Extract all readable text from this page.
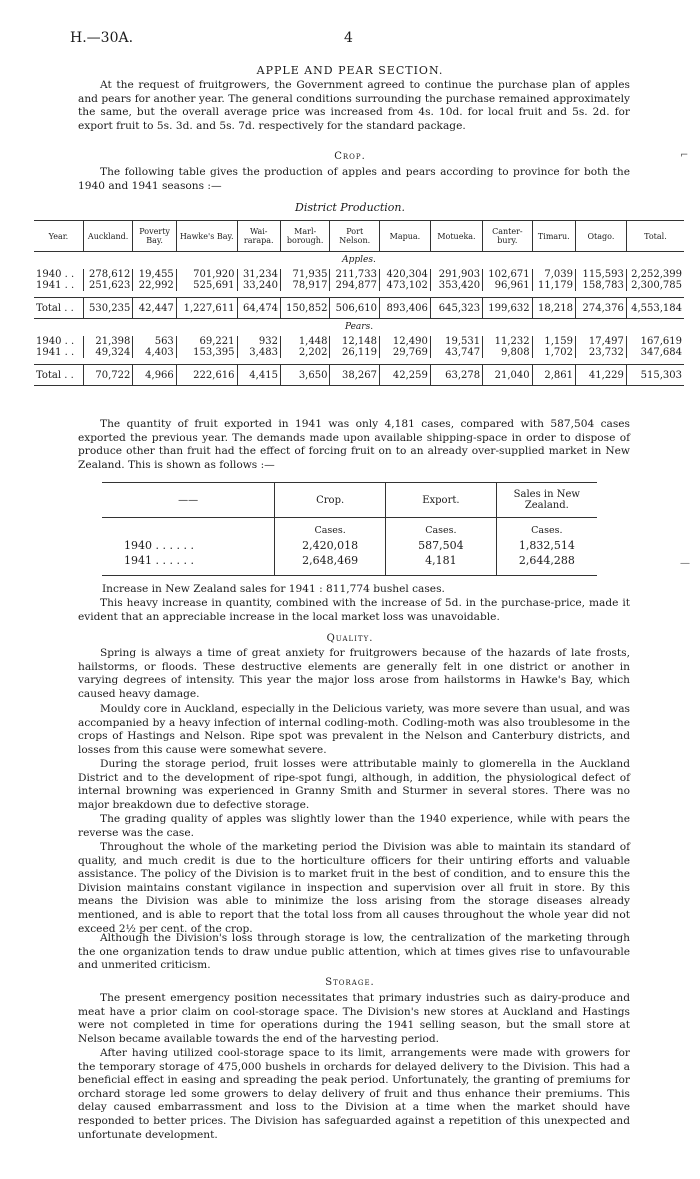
H.—30A.	4
APPLE AND PEAR SECTION.

At the request of fruitgrowers, the Government agreed to continue the purchase plan of apples and pears for another year. The general conditions surrounding the purchase remained approximately the same, but the overall average price was increased from 4s. 10d. for local fruit and 5s. 2d. for export fruit to 5s. 3d. and 5s. 7d. respectively for the standard package.

Crop.

The following table gives the production of apples and pears according to province for both the 1940 and 1941 seasons :—

District Production.
Year.	Auckland.	Poverty Bay.	Hawke's Bay.	Wai-rarapa.	Marl-borough.	Port Nelson.	Mapua.	Motueka.	Canter-bury.	Timaru.	Otago.	Total.
Apples.												
1940 . .	278,612	19,455	701,920	31,234	71,935	211,733	420,304	291,903	102,671	7,039	115,593	2,252,399
1941 . .	251,623	22,992	525,691	33,240	78,917	294,877	473,102	353,420	96,961	11,179	158,783	2,300,785

Total . .	530,235	42,447	1,227,611	64,474	150,852	506,610	893,406	645,323	199,632	18,218	274,376	4,553,184
Pears.												
1940 . .	21,398	563	69,221	932	1,448	12,148	12,490	19,531	11,232	1,159	17,497	167,619
1941 . .	49,324	4,403	153,395	3,483	2,202	26,119	29,769	43,747	9,808	1,702	23,732	347,684

Total . .	70,722	4,966	222,616	4,415	3,650	38,267	42,259	63,278	21,040	2,861	41,229	515,303

The quantity of fruit exported in 1941 was only 4,181 cases, compared with 587,504 cases exported the previous year. The demands made upon available shipping-space in order to dispose of produce other than fruit had the effect of forcing fruit on to an already over-supplied market in New Zealand. This is shown as follows :—

——	Crop.	Export.	Sales in New Zealand.
	Cases.	Cases.	Cases.
1940 . . . . . .	2,420,018	587,504	1,832,514
1941 . . . . . .	2,648,469	4,181	2,644,288

Increase in New Zealand sales for 1941 : 811,774 bushel cases.

This heavy increase in quantity, combined with the increase of 5d. in the purchase-price, made it evident that an appreciable increase in the local market loss was unavoidable.

Quality.

Spring is always a time of great anxiety for fruitgrowers because of the hazards of late frosts, hailstorms, or floods. These destructive elements are generally felt in one district or another in varying degrees of intensity. This year the major loss arose from hailstorms in Hawke's Bay, which caused heavy damage.

Mouldy core in Auckland, especially in the Delicious variety, was more severe than usual, and was accompanied by a heavy infection of internal codling-moth. Codling-moth was also troublesome in the crops of Hastings and Nelson. Ripe spot was prevalent in the Nelson and Canterbury districts, and losses from this cause were somewhat severe.

During the storage period, fruit losses were attributable mainly to glomerella in the Auckland District and to the development of ripe-spot fungi, although, in addition, the physiological defect of internal browning was experienced in Granny Smith and Sturmer in several stores. There was no major breakdown due to defective storage.

The grading quality of apples was slightly lower than the 1940 experience, while with pears the reverse was the case.

Throughout the whole of the marketing period the Division was able to maintain its standard of quality, and much credit is due to the horticulture officers for their untiring efforts and valuable assistance. The policy of the Division is to market fruit in the best of condition, and to ensure this the Division maintains constant vigilance in inspection and supervision over all fruit in store. By this means the Division was able to minimize the loss arising from the storage diseases already mentioned, and is able to report that the total loss from all causes throughout the whole year did not exceed 2½ per cent. of the crop.

Although the Division's loss through storage is low, the centralization of the marketing through the one organization tends to draw undue public attention, which at times gives rise to unfavourable and unmerited criticism.

Storage.

The present emergency position necessitates that primary industries such as dairy-produce and meat have a prior claim on cool-storage space. The Division's new stores at Auckland and Hastings were not completed in time for operations during the 1941 selling season, but the small store at Nelson became available towards the end of the harvesting period.

After having utilized cool-storage space to its limit, arrangements were made with growers for the temporary storage of 475,000 bushels in orchards for delayed delivery to the Division. This had a beneficial effect in easing and spreading the peak period. Unfortunately, the granting of premiums for orchard storage led some growers to delay delivery of fruit and thus enhance their premiums. This delay caused embarrassment and loss to the Division at a time when the market should have responded to better prices. The Division has safeguarded against a repetition of this unexpected and unfortunate development.

⌐
—
